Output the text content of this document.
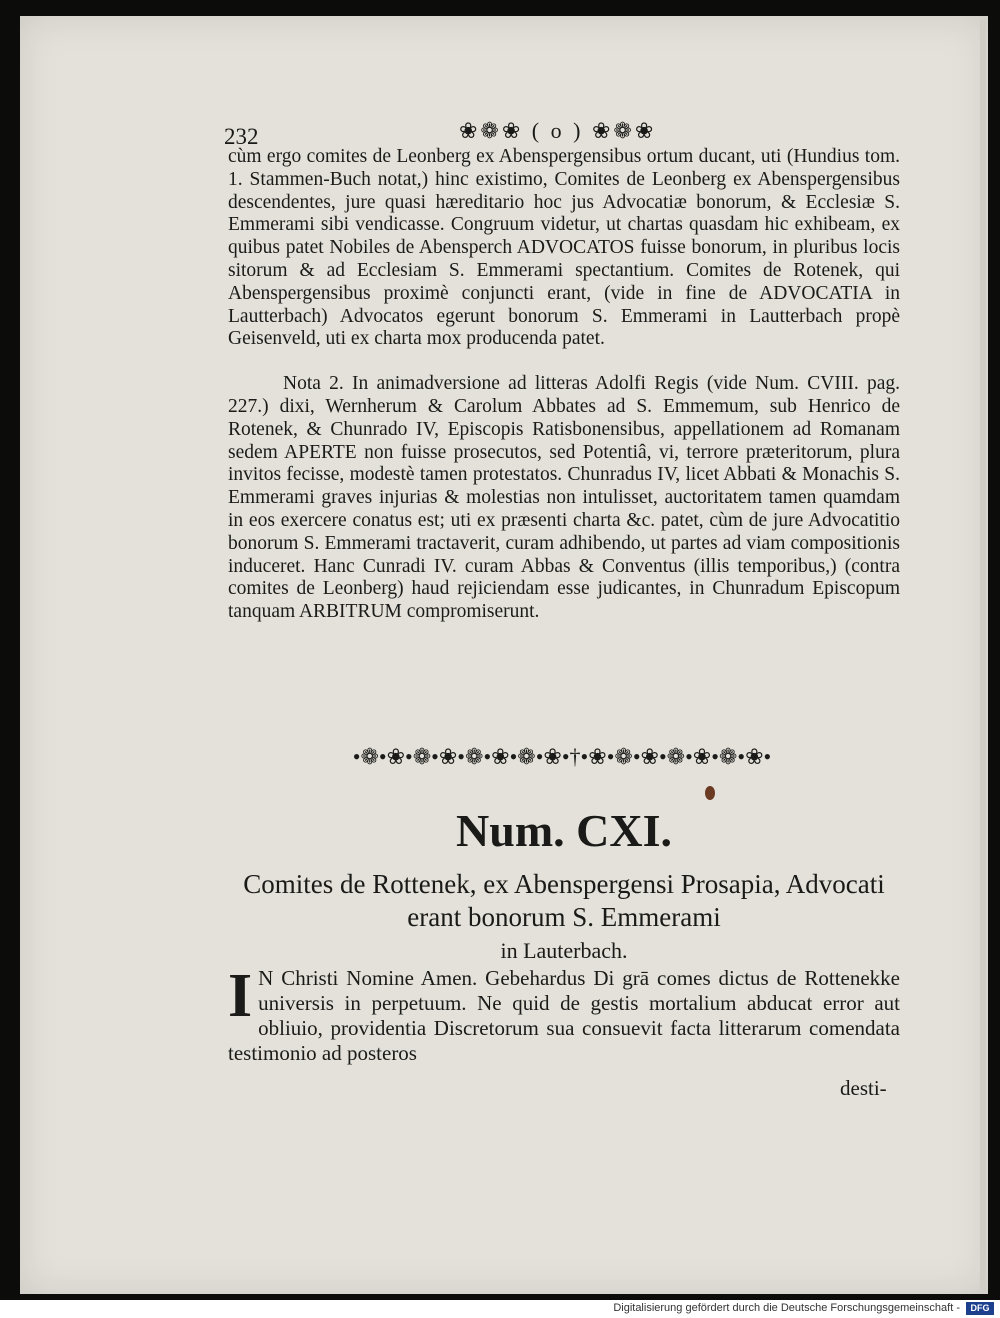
232	❀❁❀ ( o ) ❀❁❀

cùm ergo comites de Leonberg ex Abenspergensibus ortum ducant, uti (Hundius tom. 1. Stammen-Buch notat,) hinc existimo, Comites de Leonberg ex Abenspergensibus descendentes, jure quasi hæreditario hoc jus Advocatiæ bonorum, & Ecclesiæ S. Emmerami sibi vendicasse. Congruum videtur, ut chartas quasdam hic exhibeam, ex quibus patet Nobiles de Abensperch ADVOCATOS fuisse bonorum, in pluribus locis sitorum & ad Ecclesiam S. Emmerami spectantium. Comites de Rotenek, qui Abenspergensibus proximè conjuncti erant, (vide in fine de ADVOCATIA in Lautterbach) Advocatos egerunt bonorum S. Emmerami in Lautterbach propè Geisenveld, uti ex charta mox producenda patet.

Nota 2. In animadversione ad litteras Adolfi Regis (vide Num. CVIII. pag. 227.) dixi, Wernherum & Carolum Abbates ad S. Emmemum, sub Henrico de Rotenek, & Chunrado IV, Episcopis Ratisbonensibus, appellationem ad Romanam sedem APERTE non fuisse prosecutos, sed Potentiâ, vi, terrore præteritorum, plura invitos fecisse, modestè tamen protestatos. Chunradus IV, licet Abbati & Monachis S. Emmerami graves injurias & molestias non intulisset, auctoritatem tamen quamdam in eos exercere conatus est; uti ex præsenti charta &c. patet, cùm de jure Advocatitio bonorum S. Emmerami tractaverit, curam adhibendo, ut partes ad viam compositionis induceret. Hanc Cunradi IV. curam Abbas & Conventus (illis temporibus,) (contra comites de Leonberg) haud rejiciendam esse judicantes, in Chunradum Episcopum tanquam ARBITRUM compromiserunt.

•❁•❀•❁•❀•❁•❀•❁•❀•†•❀•❁•❀•❁•❀•❁•❀•
Num. CXI.
Comites de Rottenek, ex Abenspergensi Prosapia, Advocati erant bonorum S. Emmerami
in Lauterbach.
I N Christi Nomine Amen. Gebehardus Di grā comes dictus de Rottenekke universis in perpetuum. Ne quid de gestis mortalium abducat error aut obliuio, providentia Discretorum sua consuevit facta litterarum comendata testimonio ad posteros
desti-
Digitalisierung gefördert durch die Deutsche Forschungsgemeinschaft -	DFG
